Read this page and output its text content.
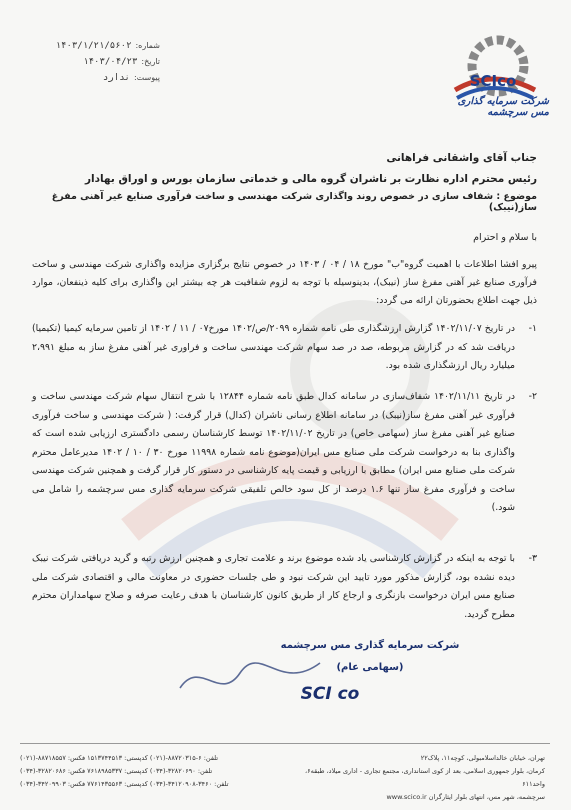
شماره:
۱۴۰۳/۱/۲۱/۵۶۰۲
تاریخ:
۱۴۰۳/۰۴/۲۳
پیوست:
ندارد	SCIco
شرکت سرمایه گذاری مس سرچشمه
جناب آقای واشقانی فراهانی
رئیس محترم اداره نظارت بر ناشران گروه مالی و خدماتی سازمان بورس و اوراق بهادار
موضوع : شفاف سازی در خصوص روند واگذاری شرکت مهندسی و ساخت فرآوری صنایع غیر آهنی مفرغ ساز(نیبک)
با سلام و احترام
پیرو افشا اطلاعات با اهمیت گروه"ب" مورخ ۱۸ / ۰۴ / ۱۴۰۳ در خصوص نتایج برگزاری مزایده واگذاری شرکت مهندسی و ساخت فرآوری صنایع غیر آهنی مفرغ ساز (نیبک)، بدینوسیله با توجه به لزوم شفافیت هر چه بیشتر این واگذاری برای کلیه ذینفعان، موارد ذیل جهت اطلاع بحضورتان ارائه می گردد:
۱-
در تاریخ ۱۴۰۲/۱۱/۰۷ گزارش ارزشگذاری طی نامه شماره ۲۰۹۹/ص/۱۴۰۲ مورخ۰۷ / ۱۱ / ۱۴۰۲ از تامین سرمایه کیمیا (تکیمیا) دریافت شد که در گزارش مربوطه، صد در صد سهام شرکت مهندسی ساخت و فراوری غیر آهنی مفرغ ساز به مبلغ ۲،۹۹۱ میلیارد ریال ارزشگذاری شده بود.
۲-
در تاریخ ۱۴۰۲/۱۱/۱۱ شفاف‌سازی در سامانه کدال طبق نامه شماره ۱۲۸۴۴ با شرح انتقال سهام شرکت مهندسی ساخت و فرآوری غیر آهنی مفرغ ساز(نیبک) در سامانه اطلاع رسانی ناشران (کدال) قرار گرفت: ( شرکت مهندسی و ساخت فرآوری صنایع غیر آهنی مفرغ ساز (سهامی خاص) در تاریخ ۱۴۰۲/۱۱/۰۲ توسط کارشناسان رسمی دادگستری ارزیابی شده است که واگذاری بنا به درخواست شرکت ملی صنایع مس ایران(موضوع نامه شماره ۱۱۹۹۸ مورخ ۳۰ / ۱۰ / ۱۴۰۲ مدیرعامل محترم شرکت ملی صنایع مس ایران) مطابق با ارزیابی و قیمت پایه کارشناسی در دستور کار قرار گرفت و همچنین شرکت مهندسی ساخت و فرآوری مفرغ ساز تنها ۱.۶ درصد از کل سود خالص تلفیقی شرکت سرمایه گذاری مس سرچشمه را شامل می شود.)
۳-
با توجه به اینکه در گزارش کارشناسی یاد شده موضوع برند و علامت تجاری و همچنین ارزش رتبه و گرید دریافتی شرکت نیبک دیده نشده بود، گزارش مذکور مورد تایید این شرکت نبود و طی جلسات حضوری در معاونت مالی و اقتصادی شرکت ملی صنایع مس ایران درخواست بازنگری و ارجاع کار از طریق کانون کارشناسان با هدف رعایت صرفه و صلاح سهامداران محترم مطرح گردید.
شرکت سرمایه گذاری مس سرچشمه
(سهامی عام)
SCI co
تلفن: ۶-۸۸۷۲۰۳۱۵-(۰۲۱) کدپستی: ۱۵۱۳۷۴۴۵۱۳ فکس: ۸۸۷۱۸۵۵۷-(۰۲۱)
تلفن: ۳۲۸۲۰۶۹۰-(۰۳۴) کدپستی: ۷۶۱۸۹۸۵۳۳۷ فکس: ۳۲۸۲۰۶۸۶-(۰۳۴)
تلفن: ۳۴۶۰-۳۴۱۲۰۹۰۸-(۰۳۴) کدپستی: ۷۷۶۱۴۳۵۵۶۳ فکس: ۳۴۲۰۹۹۰۳-(۰۳۴)
تهران، خیابان خالداسلامبولی، کوچه۱۱، پلاک۲۲
کرمان، بلوار جمهوری اسلامی، بعد از کوی استانداری، مجتمع تجاری - اداری میلاد، طبقه۶، واحد۶۱۱
سرچشمه، شهر مس، انتهای بلوار ایثارگران www.scico.ir
